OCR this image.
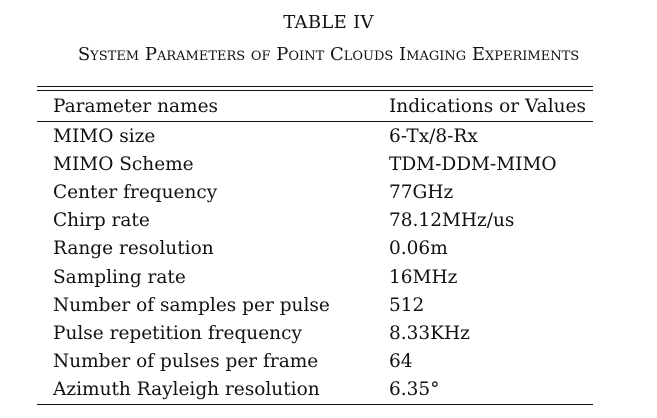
TABLE IV
System Parameters of Point Clouds Imaging Experiments
Parameter names	Indications or Values
MIMO size	6-Tx/8-Rx
MIMO Scheme	TDM-DDM-MIMO
Center frequency	77GHz
Chirp rate	78.12MHz/us
Range resolution	0.06m
Sampling rate	16MHz
Number of samples per pulse	512
Pulse repetition frequency	8.33KHz
Number of pulses per frame	64
Azimuth Rayleigh resolution	6.35°
